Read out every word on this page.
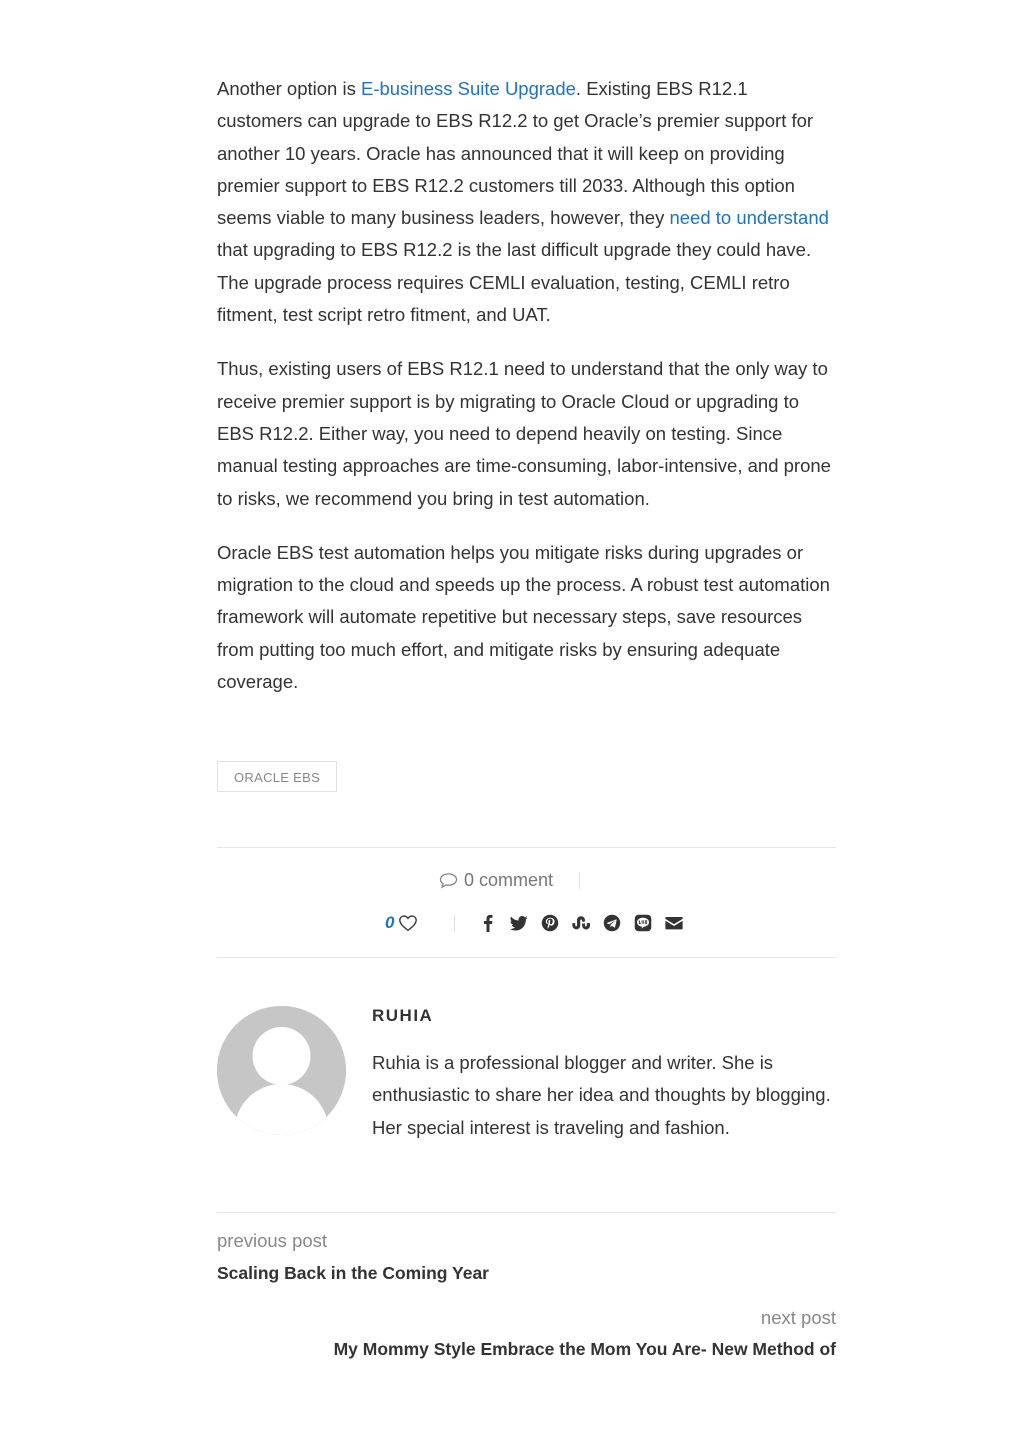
Another option is E-business Suite Upgrade. Existing EBS R12.1 customers can upgrade to EBS R12.2 to get Oracle’s premier support for another 10 years. Oracle has announced that it will keep on providing premier support to EBS R12.2 customers till 2033. Although this option seems viable to many business leaders, however, they need to understand that upgrading to EBS R12.2 is the last difficult upgrade they could have. The upgrade process requires CEMLI evaluation, testing, CEMLI retro fitment, test script retro fitment, and UAT.

Thus, existing users of EBS R12.1 need to understand that the only way to receive premier support is by migrating to Oracle Cloud or upgrading to EBS R12.2. Either way, you need to depend heavily on testing. Since manual testing approaches are time-consuming, labor-intensive, and prone to risks, we recommend you bring in test automation.

Oracle EBS test automation helps you mitigate risks during upgrades or migration to the cloud and speeds up the process. A robust test automation framework will automate repetitive but necessary steps, save resources from putting too much effort, and mitigate risks by ensuring adequate coverage.

ORACLE EBS
0 comment
0
RUHIA

Ruhia is a professional blogger and writer. She is enthusiastic to share her idea and thoughts by blogging. Her special interest is traveling and fashion.

previous post
Scaling Back in the Coming Year
next post
My Mommy Style Embrace the Mom You Are- New Method of
